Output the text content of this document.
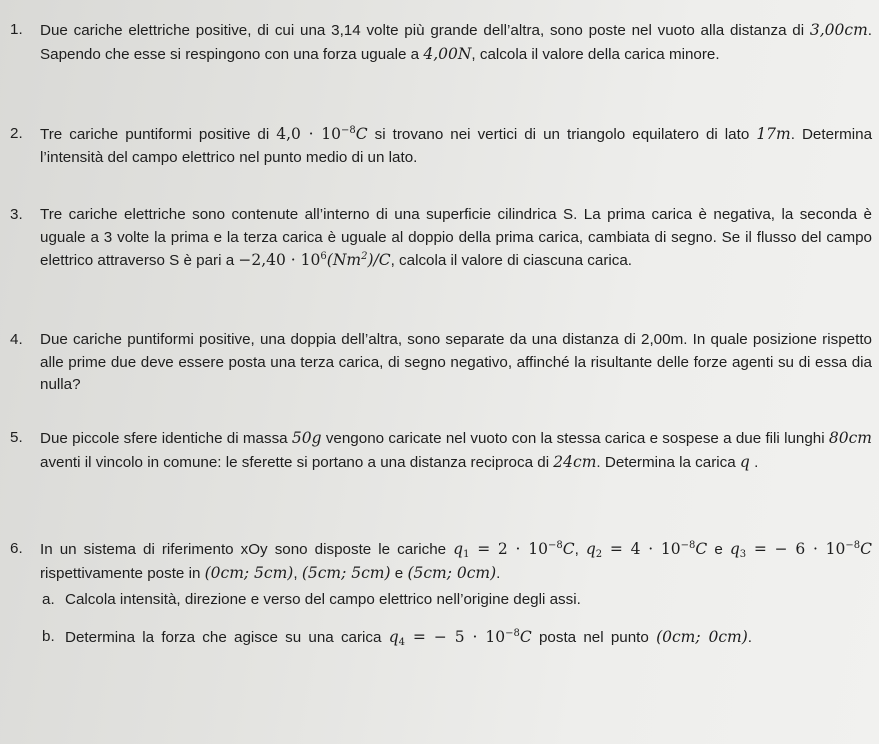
1.	Due cariche elettriche positive, di cui una 3,14 volte più grande dell’altra, sono poste nel vuoto alla distanza di 3,00cm. Sapendo che esse si respingono con una forza uguale a 4,00N, calcola il valore della carica minore.
2.	Tre cariche puntiformi positive di $4,0 \cdot 10^{-8}C$ si trovano nei vertici di un triangolo equilatero di lato 17m. Determina l’intensità del campo elettrico nel punto medio di un lato.
3.	Tre cariche elettriche sono contenute all’interno di una superficie cilindrica S. La prima carica è negativa, la seconda è uguale a 3 volte la prima e la terza carica è uguale al doppio della prima carica, cambiata di segno. Se il flusso del campo elettrico attraverso S è pari $a -2,40 \cdot 10^6(Nm^2)/C$, calcola il valore di ciascuna carica.
4.	Due cariche puntiformi positive, una doppia dell’altra, sono separate da una distanza di 2,00m. In quale posizione rispetto alle prime due deve essere posta una terza carica, di segno negativo, affinché la risultante delle forze agenti su di essa dia nulla?
5.	Due piccole sfere identiche di massa 50g vengono caricate nel vuoto con la stessa carica e sospese a due fili lunghi 80cm aventi il vincolo in comune: le sferette si portano a una distanza reciproca di 24cm. Determina la carica q .
6.	In un sistema di riferimento xOy sono disposte le cariche $q_1 = 2 \cdot 10^{-8}C$, $q_2 = 4 \cdot 10^{-8}C$ e $q_3$ = − $6 \cdot 10^{-8}C$ rispettivamente poste in (0cm; 5cm), (5cm; 5cm) e (5cm; 0cm).
a. Calcola intensità, direzione e verso del campo elettrico nell’origine degli assi.
b. Determina la forza che agisce su una carica $q_4$ = − $5 \cdot 10^{-8}C$ posta nel punto (0cm; 0cm).
